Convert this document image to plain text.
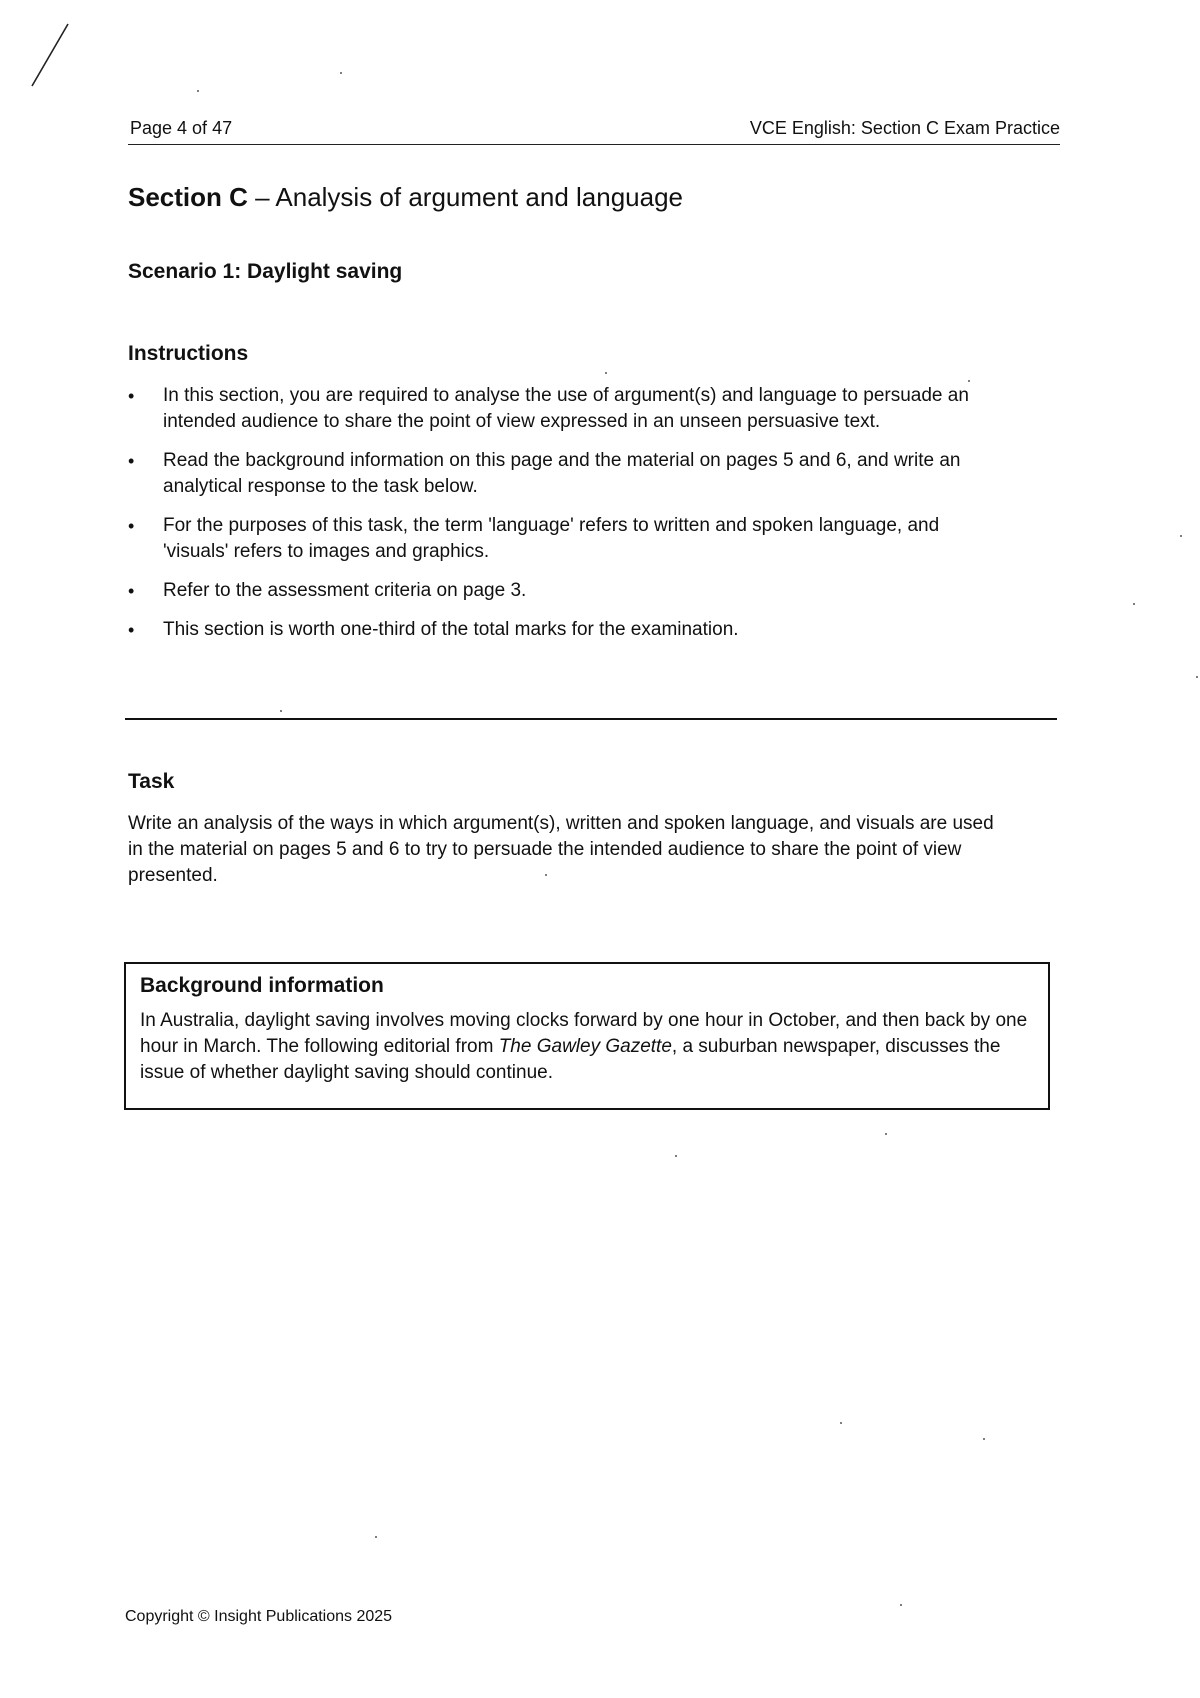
Page 4 of 47	VCE English: Section C Exam Practice
Section C – Analysis of argument and language
Scenario 1: Daylight saving
Instructions
• In this section, you are required to analyse the use of argument(s) and language to persuade an intended audience to share the point of view expressed in an unseen persuasive text.
• Read the background information on this page and the material on pages 5 and 6, and write an analytical response to the task below.
• For the purposes of this task, the term 'language' refers to written and spoken language, and 'visuals' refers to images and graphics.
• Refer to the assessment criteria on page 3.
• This section is worth one-third of the total marks for the examination.
Task

Write an analysis of the ways in which argument(s), written and spoken language, and visuals are used in the material on pages 5 and 6 to try to persuade the intended audience to share the point of view presented.

Background information

In Australia, daylight saving involves moving clocks forward by one hour in October, and then back by one hour in March. The following editorial from The Gawley Gazette, a suburban newspaper, discusses the issue of whether daylight saving should continue.

Copyright © Insight Publications 2025
